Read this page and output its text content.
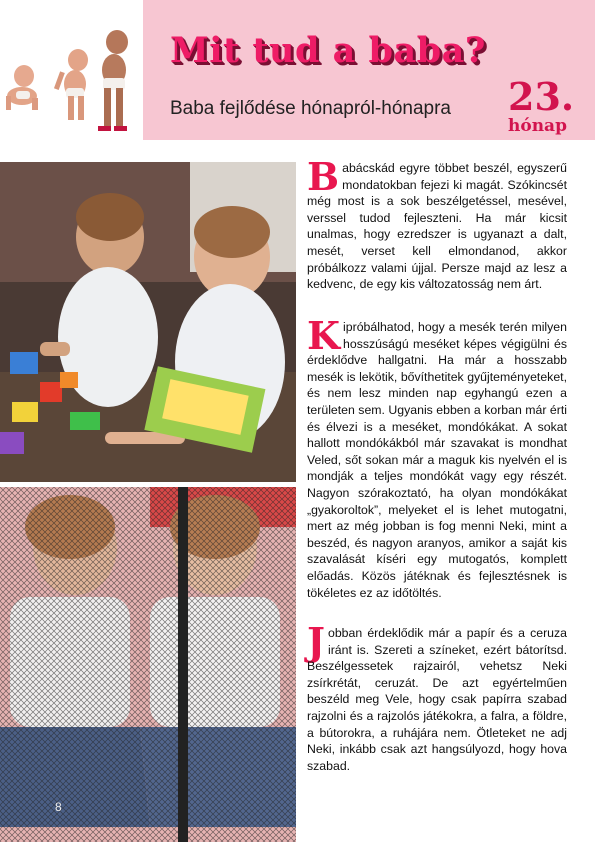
Mit tud a baba?
Baba fejlődése hónapról-hónapra 23.
hónap
8

Babácskád egyre többet beszél, egyszerű mondatokban fejezi ki magát. Szókincsét még most is a sok beszélgetéssel, mesével, verssel tudod fejleszteni. Ha már kicsit unalmas, hogy ezredszer is ugyanazt a dalt, mesét, verset kell elmondanod, akkor próbálkozz valami újjal. Persze majd az lesz a kedvenc, de egy kis változatosság nem árt.

Kipróbálhatod, hogy a mesék terén milyen hosszúságú meséket képes végigülni és érdeklődve hallgatni. Ha már a hosszabb mesék is lekötik, bővíthetitek gyűjteményeteket, és nem lesz minden nap egyhangú ezen a területen sem. Ugyanis ebben a korban már érti és élvezi is a meséket, mondókákat. A sokat hallott mondókákból már szavakat is mondhat Veled, sőt sokan már a maguk kis nyelvén el is mondják a teljes mondókát vagy egy részét. Nagyon szórakoztató, ha olyan mondókákat „gyakoroltok”, melyeket el is lehet mutogatni, mert az még jobban is fog menni Neki, mint a beszéd, és nagyon aranyos, amikor a saját kis szavalását kíséri egy mutogatós, komplett előadás. Közös játéknak és fejlesztésnek is tökéletes ez az időtöltés.

Jobban érdeklődik már a papír és a ceruza iránt is. Szereti a színeket, ezért bátorítsd. Beszélgessetek rajzairól, vehetsz Neki zsírkrétát, ceruzát. De azt egyértelműen beszéld meg Vele, hogy csak papírra szabad rajzolni és a rajzolós játékokra, a falra, a földre, a bútorokra, a ruhájára nem. Ötleteket ne adj Neki, inkább csak azt hangsúlyozd, hogy hova szabad.
